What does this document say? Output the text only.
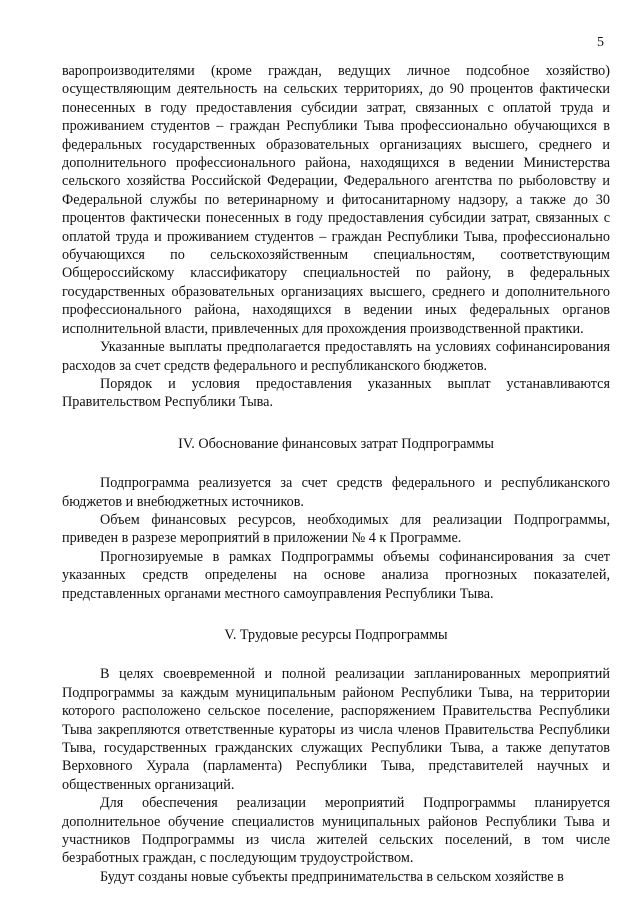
5

варопроизводителями (кроме граждан, ведущих личное подсобное хозяйство) осуществляющим деятельность на сельских территориях, до 90 процентов фактически понесенных в году предоставления субсидии затрат, связанных с оплатой труда и проживанием студентов – граждан Республики Тыва профессионально обучающихся в федеральных государственных образовательных организациях высшего, среднего и дополнительного профессионального района, находящихся в ведении Министерства сельского хозяйства Российской Федерации, Федерального агентства по рыболовству и Федеральной службы по ветеринарному и фитосанитарному надзору, а также до 30 процентов фактически понесенных в году предоставления субсидии затрат, связанных с оплатой труда и проживанием студентов – граждан Республики Тыва, профессионально обучающихся по сельскохозяйственным специальностям, соответствующим Общероссийскому классификатору специальностей по району, в федеральных государственных образовательных организациях высшего, среднего и дополнительного профессионального района, находящихся в ведении иных федеральных органов исполнительной власти, привлеченных для прохождения производственной практики.

Указанные выплаты предполагается предоставлять на условиях софинансирования расходов за счет средств федерального и республиканского бюджетов.

Порядок и условия предоставления указанных выплат устанавливаются Правительством Республики Тыва.

IV. Обоснование финансовых затрат Подпрограммы

Подпрограмма реализуется за счет средств федерального и республиканского бюджетов и внебюджетных источников.

Объем финансовых ресурсов, необходимых для реализации Подпрограммы, приведен в разрезе мероприятий в приложении № 4 к Программе.

Прогнозируемые в рамках Подпрограммы объемы софинансирования за счет указанных средств определены на основе анализа прогнозных показателей, представленных органами местного самоуправления Республики Тыва.

V. Трудовые ресурсы Подпрограммы

В целях своевременной и полной реализации запланированных мероприятий Подпрограммы за каждым муниципальным районом Республики Тыва, на территории которого расположено сельское поселение, распоряжением Правительства Республики Тыва закрепляются ответственные кураторы из числа членов Правительства Республики Тыва, государственных гражданских служащих Республики Тыва, а также депутатов Верховного Хурала (парламента) Республики Тыва, представителей научных и общественных организаций.

Для обеспечения реализации мероприятий Подпрограммы планируется дополнительное обучение специалистов муниципальных районов Республики Тыва и участников Подпрограммы из числа жителей сельских поселений, в том числе безработных граждан, с последующим трудоустройством.

Будут созданы новые субъекты предпринимательства в сельском хозяйстве в
